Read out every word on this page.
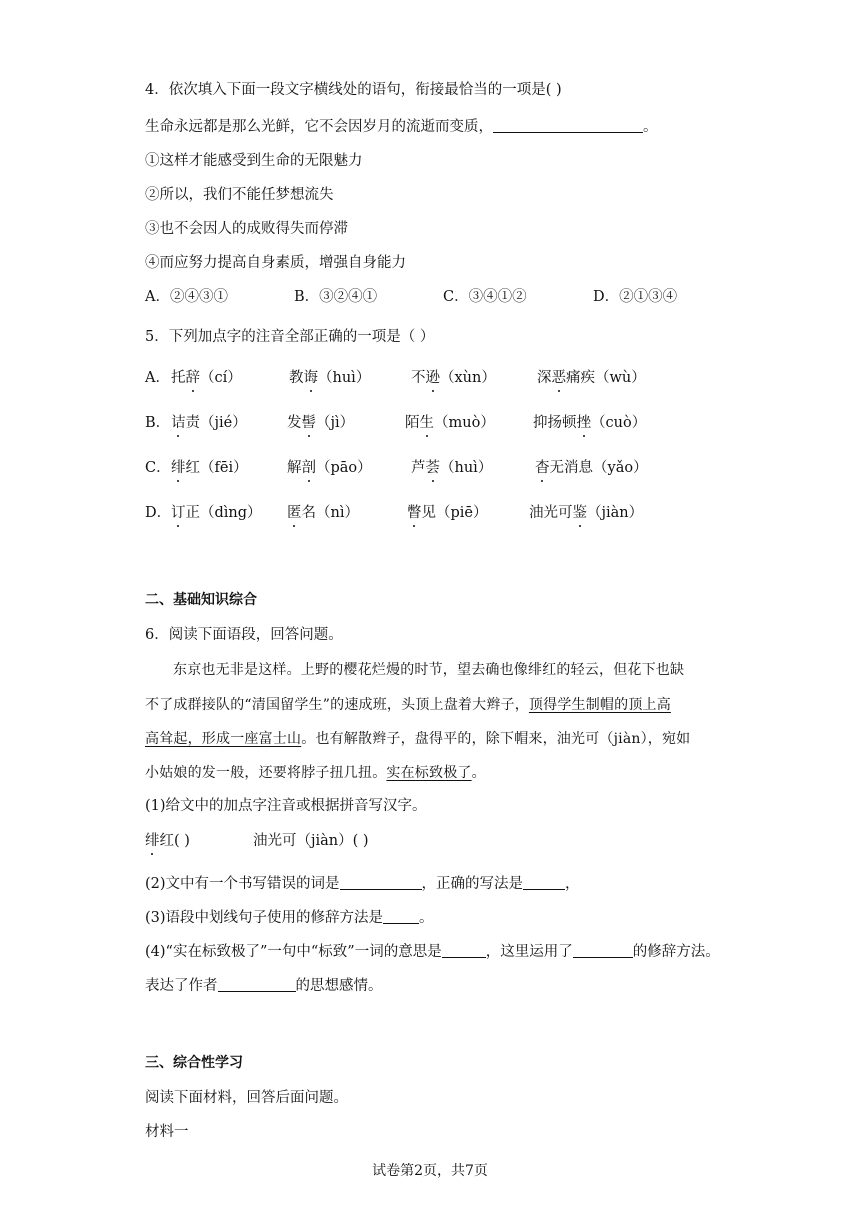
4．依次填入下面一段文字横线处的语句，衔接最恰当的一项是( )
生命永远都是那么光鲜，它不会因岁月的流逝而变质，	。
①这样才能感受到生命的无限魅力
②所以，我们不能任梦想流失
③也不会因人的成败得失而停滞
④而应努力提高自身素质，增强自身能力
A．②④③①	B．③②④①	C．③④①②	D．②①③④
5．下列加点字的注音全部正确的一项是（ ）
A． 托辞（cí）	教诲（huì）	不逊（xùn）	深恶痛疾（wù）
B． 诘责（jié）	发髻（jì）	陌生（muò）	抑扬顿挫（cuò）
C． 绯红（fēi）	解剖（pāo）	芦荟（huì）	杳无消息（yǎo）
D． 订正（dìng） 匿名（nì）	瞥见（piē）	油光可鉴（jiàn）
二、基础知识综合
6．阅读下面语段，回答问题。
东京也无非是这样。上野的樱花烂熳的时节，望去确也像绯红的轻云，但花下也缺
不了成群接队的“清国留学生”的速成班，头顶上盘着大辫子，顶得学生制帽的顶上高
高耸起，形成一座富士山。也有解散辫子，盘得平的，除下帽来，油光可（jiàn），宛如
小姑娘的发一般，还要将脖子扭几扭。实在标致极了。
(1)给文中的加点字注音或根据拼音写汉字。
绯红( )	油光可（jiàn）( )
(2)文中有一个书写错误的词是	，正确的写法是	，
(3)语段中划线句子使用的修辞方法是 。
(4)“实在标致极了”一句中“标致”一词的意思是	，这里运用了	的修辞方法。
表达了作者	的思想感情。
三、综合性学习
阅读下面材料，回答后面问题。
材料一
试卷第2页，共7页
